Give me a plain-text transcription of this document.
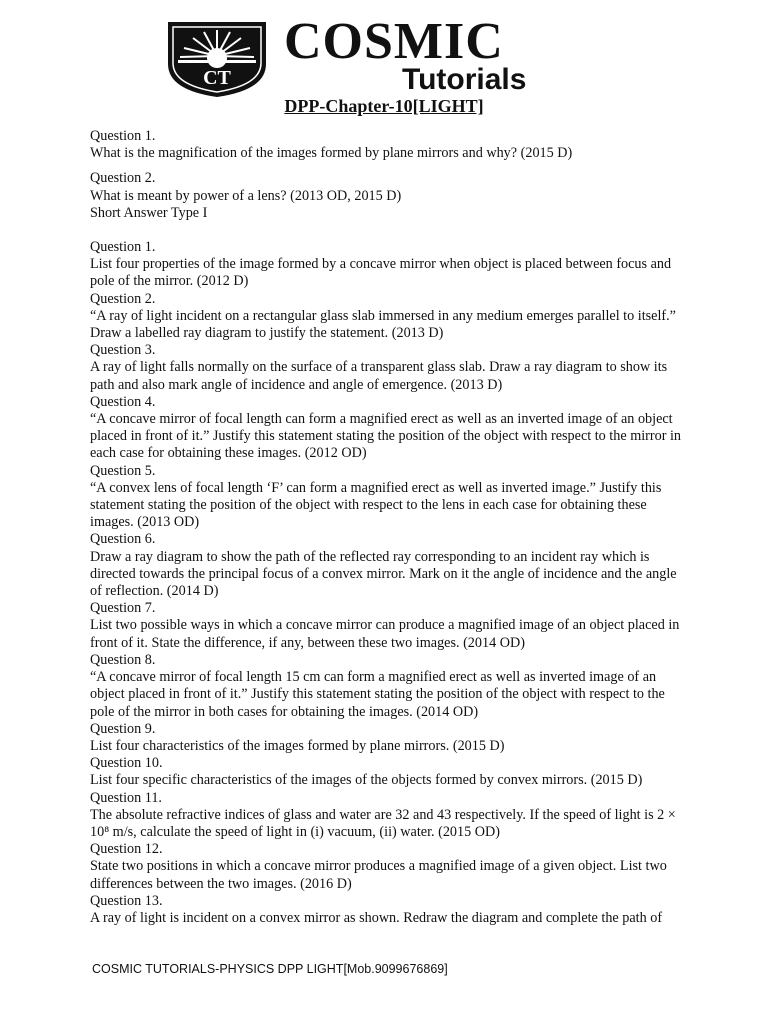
CT
COSMIC
Tutorials
DPP-Chapter-10[LIGHT]

Question 1.

What is the magnification of the images formed by plane mirrors and why? (2015 D)

Question 2.

What is meant by power of a lens? (2013 OD, 2015 D)

Short Answer Type I

Question 1.

List four properties of the image formed by a concave mirror when object is placed between focus and pole of the mirror. (2012 D)

Question 2.

“A ray of light incident on a rectangular glass slab immersed in any medium emerges parallel to itself.” Draw a labelled ray diagram to justify the statement. (2013 D)

Question 3.

A ray of light falls normally on the surface of a transparent glass slab. Draw a ray diagram to show its path and also mark angle of incidence and angle of emergence. (2013 D)

Question 4.

“A concave mirror of focal length can form a magnified erect as well as an inverted image of an object placed in front of it.” Justify this statement stating the position of the object with respect to the mirror in each case for obtaining these images. (2012 OD)

Question 5.

“A convex lens of focal length ‘F’ can form a magnified erect as well as inverted image.” Justify this statement stating the position of the object with respect to the lens in each case for obtaining these images. (2013 OD)

Question 6.

Draw a ray diagram to show the path of the reflected ray corresponding to an incident ray which is directed towards the principal focus of a convex mirror. Mark on it the angle of incidence and the angle of reflection. (2014 D)

Question 7.

List two possible ways in which a concave mirror can produce a magnified image of an object placed in front of it. State the difference, if any, between these two images. (2014 OD)

Question 8.

“A concave mirror of focal length 15 cm can form a magnified erect as well as inverted image of an object placed in front of it.” Justify this statement stating the position of the object with respect to the pole of the mirror in both cases for obtaining the images. (2014 OD)

Question 9.

List four characteristics of the images formed by plane mirrors. (2015 D)

Question 10.

List four specific characteristics of the images of the objects formed by convex mirrors. (2015 D)

Question 11.

The absolute refractive indices of glass and water are 32 and 43 respectively. If the speed of light is 2 × 10⁸ m/s, calculate the speed of light in (i) vacuum, (ii) water. (2015 OD)

Question 12.

State two positions in which a concave mirror produces a magnified image of a given object. List two differences between the two images. (2016 D)

Question 13.

A ray of light is incident on a convex mirror as shown. Redraw the diagram and complete the path of

COSMIC TUTORIALS-PHYSICS DPP LIGHT[Mob.9099676869]
